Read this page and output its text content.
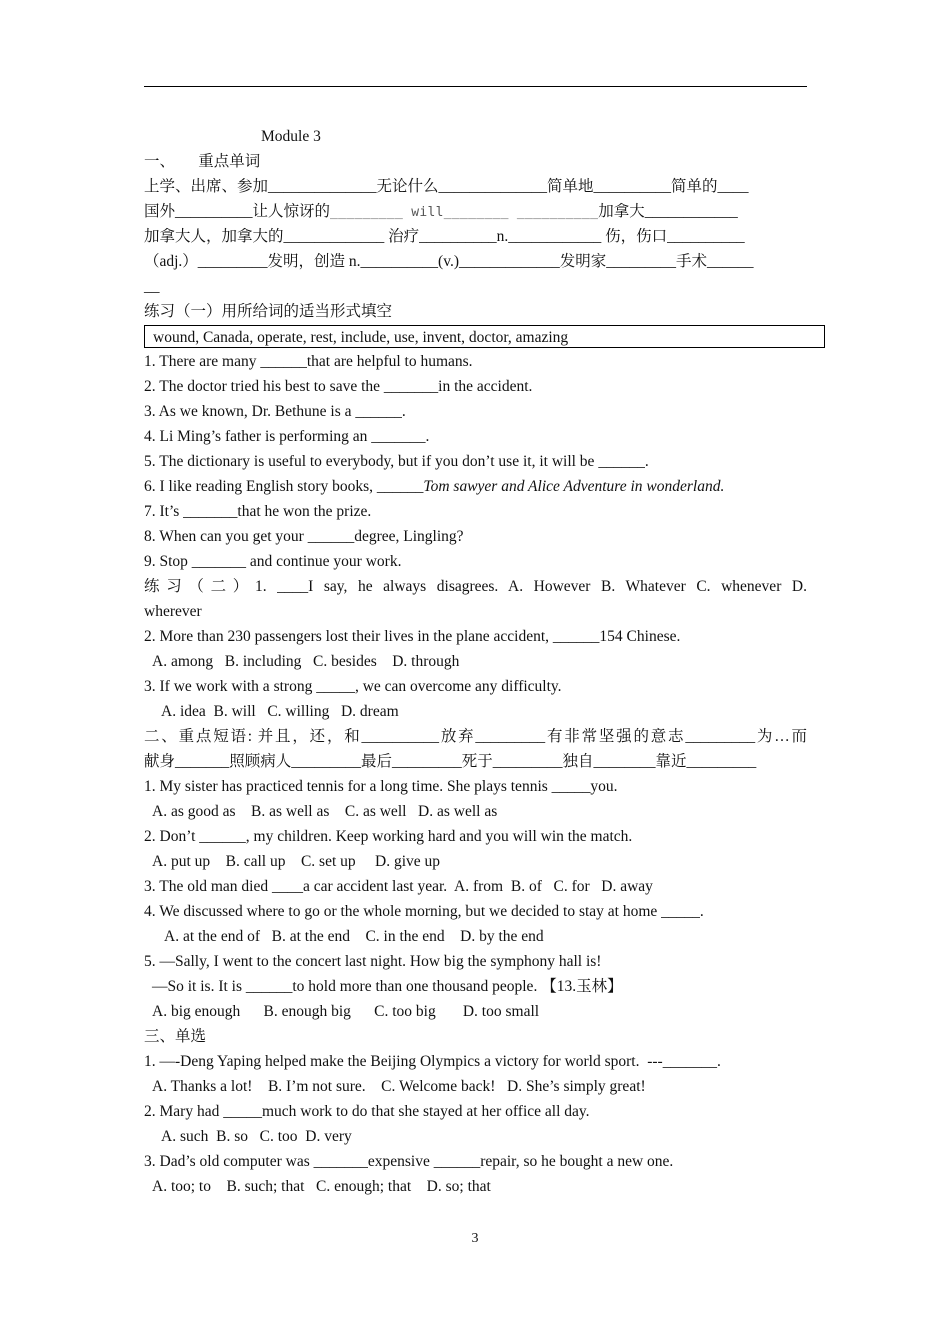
Module 3
一、　　重点单词
上学、出席、参加______________无论什么______________简单地__________简单的____
国外__________让人惊讶的_________ will________ __________加拿大____________
加拿大人，加拿大的_____________ 治疗__________n.____________ 伤，伤口__________
（adj.）_________发明，创造 n.__________(v.)_____________发明家_________手术______
__
练习（一）用所给词的适当形式填空
wound, Canada, operate, rest, include, use, invent, doctor, amazing
1. There are many ______that are helpful to humans.
2. The doctor tried his best to save the _______in the accident.
3. As we known, Dr. Bethune is a ______.
4. Li Ming’s father is performing an _______.
5. The dictionary is useful to everybody, but if you don’t use it, it will be ______.
6. I like reading English story books, ______Tom sawyer and Alice Adventure in wonderland.
7. It’s _______that he won the prize.
8. When can you get your ______degree, Lingling?
9. Stop _______ and continue your work.
练习（二）1. ____I say, he always disagrees. A. However B. Whatever C. whenever D.
wherever
2. More than 230 passengers lost their lives in the plane accident, ______154 Chinese.
A. among   B. including   C. besides    D. through
3. If we work with a strong _____, we can overcome any difficulty.
A. idea  B. will   C. willing   D. dream
二、重点短语: 并且，还，和__________放弃_________有非常坚强的意志_________为…而
献身_______照顾病人_________最后_________死于_________独自________靠近_________
1. My sister has practiced tennis for a long time. She plays tennis _____you.
A. as good as    B. as well as    C. as well   D. as well as
2. Don’t ______, my children. Keep working hard and you will win the match.
A. put up    B. call up    C. set up     D. give up
3. The old man died ____a car accident last year.  A. from  B. of   C. for   D. away
4. We discussed where to go or the whole morning, but we decided to stay at home _____.
A. at the end of   B. at the end    C. in the end    D. by the end
5. —Sally, I went to the concert last night. How big the symphony hall is!
—So it is. It is ______to hold more than one thousand people. 【13.玉林】
A. big enough      B. enough big      C. too big       D. too small
三、单选
1. —-Deng Yaping helped make the Beijing Olympics a victory for world sport.  ---_______.
A. Thanks a lot!    B. I’m not sure.    C. Welcome back!   D. She’s simply great!
2. Mary had _____much work to do that she stayed at her office all day.
A. such  B. so   C. too  D. very
3. Dad’s old computer was _______expensive ______repair, so he bought a new one.
A. too; to    B. such; that   C. enough; that    D. so; that
3
